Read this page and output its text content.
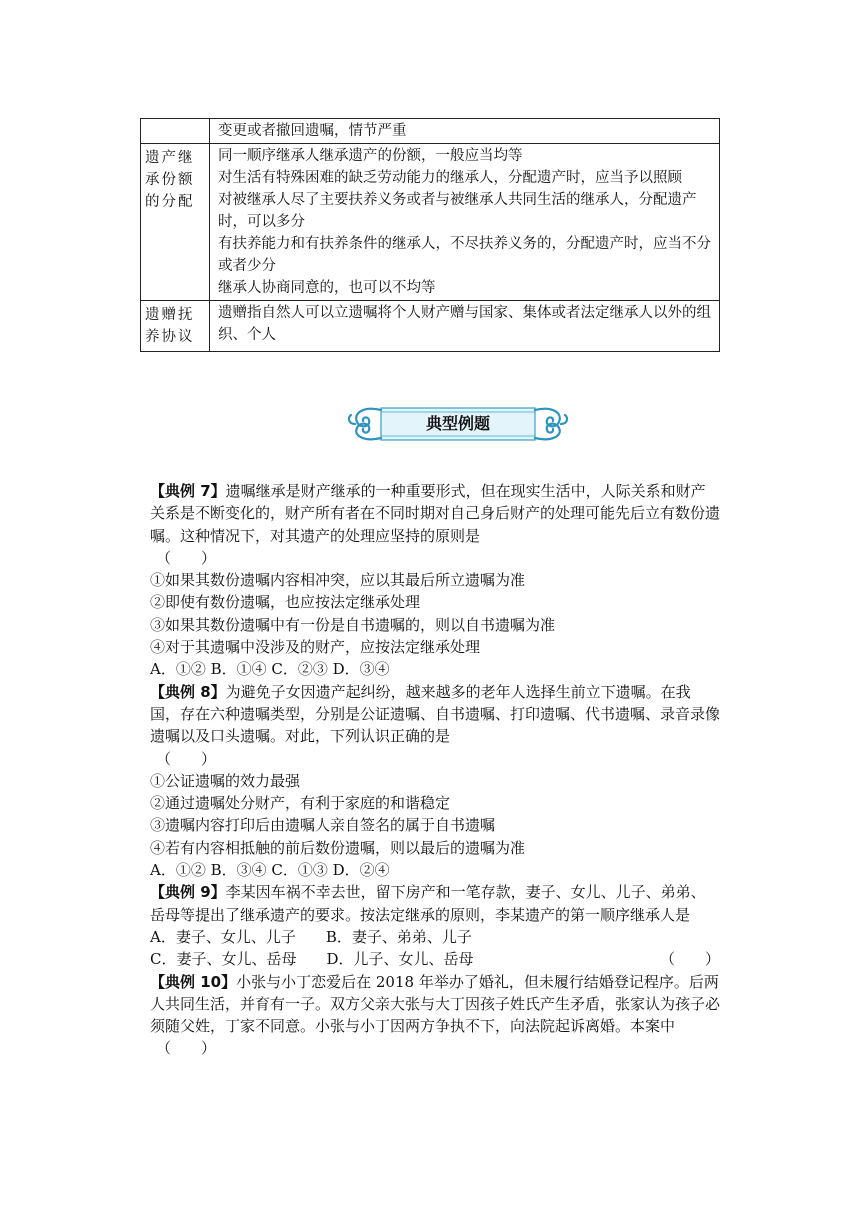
	变更或者撤回遗嘱，情节严重

遗产继承份额的分配	同一顺序继承人继承遗产的份额，一般应当均等
对生活有特殊困难的缺乏劳动能力的继承人，分配遗产时，应当予以照顾
对被继承人尽了主要扶养义务或者与被继承人共同生活的继承人，分配遗产时，可以多分
有扶养能力和有扶养条件的继承人，不尽扶养义务的，分配遗产时，应当不分或者少分
继承人协商同意的，也可以不均等

遗赠抚养协议	遗赠指自然人可以立遗嘱将个人财产赠与国家、集体或者法定继承人以外的组织、个人
典型例题
【典例 7】遗嘱继承是财产继承的一种重要形式，但在现实生活中，人际关系和财产关系是不断变化的，财产所有者在不同时期对自己身后财产的处理可能先后立有数份遗嘱。这种情况下，对其遗产的处理应坚持的原则是
（　　）
①如果其数份遗嘱内容相冲突，应以其最后所立遗嘱为准
②即使有数份遗嘱，也应按法定继承处理
③如果其数份遗嘱中有一份是自书遗嘱的，则以自书遗嘱为准
④对于其遗嘱中没涉及的财产，应按法定继承处理
A．①② B．①④ C．②③ D．③④
【典例 8】为避免子女因遗产起纠纷，越来越多的老年人选择生前立下遗嘱。在我国，存在六种遗嘱类型，分别是公证遗嘱、自书遗嘱、打印遗嘱、代书遗嘱、录音录像遗嘱以及口头遗嘱。对此，下列认识正确的是
（　　）
①公证遗嘱的效力最强
②通过遗嘱处分财产，有利于家庭的和谐稳定
③遗嘱内容打印后由遗嘱人亲自签名的属于自书遗嘱
④若有内容相抵触的前后数份遗嘱，则以最后的遗嘱为准
A．①② B．③④ C．①③ D．②④
【典例 9】李某因车祸不幸去世，留下房产和一笔存款，妻子、女儿、儿子、弟弟、岳母等提出了继承遗产的要求。按法定继承的原则，李某遗产的第一顺序继承人是 A．妻子、女儿、儿子　　B．妻子、弟弟、儿子
C．妻子、女儿、岳母　　D．儿子、女儿、岳母	（　　）
【典例 10】小张与小丁恋爱后在 2018 年举办了婚礼，但未履行结婚登记程序。后两人共同生活，并育有一子。双方父亲大张与大丁因孩子姓氏产生矛盾，张家认为孩子必须随父姓，丁家不同意。小张与小丁因两方争执不下，向法院起诉离婚。本案中
（　　）
